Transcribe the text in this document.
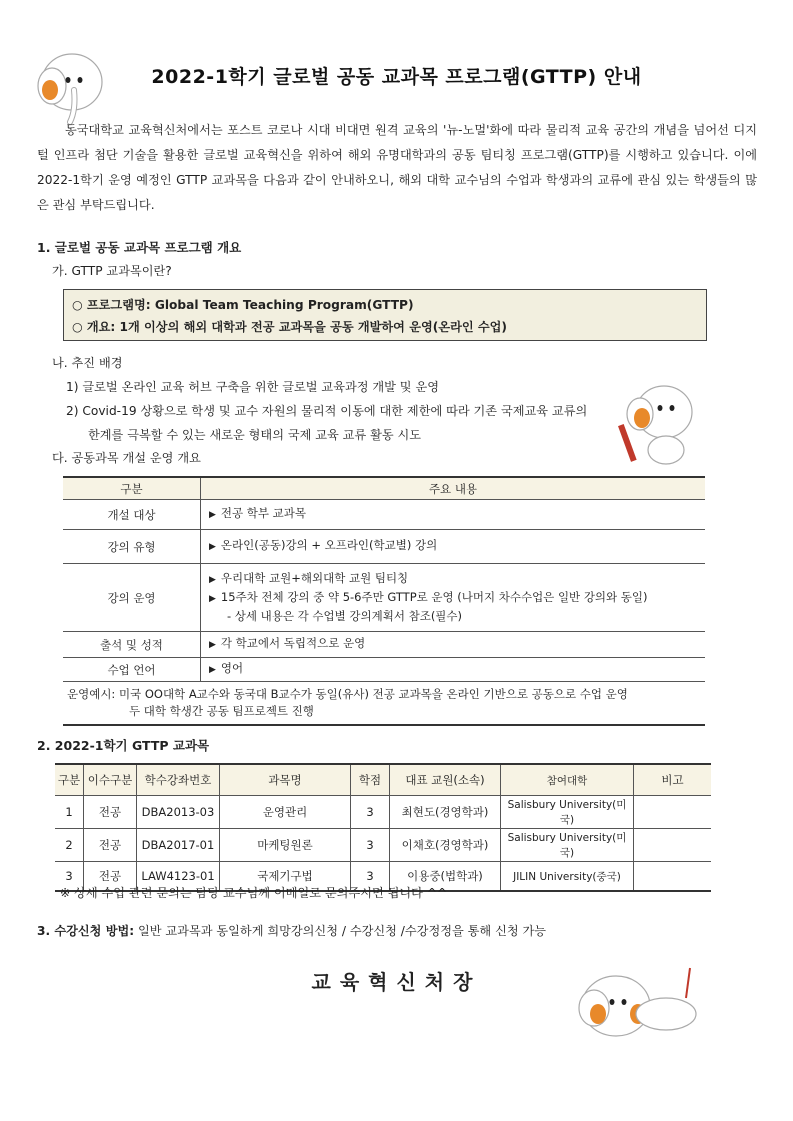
2022-1학기 글로벌 공동 교과목 프로그램(GTTP) 안내
동국대학교 교육혁신처에서는 포스트 코로나 시대 비대면 원격 교육의 '뉴-노멀'화에 따라 물리적 교육 공간의 개념을 넘어선 디지털 인프라 첨단 기술을 활용한 글로벌 교육혁신을 위하여 해외 유명대학과의 공동 팀티칭 프로그램(GTTP)를 시행하고 있습니다. 이에 2022-1학기 운영 예정인 GTTP 교과목을 다음과 같이 안내하오니, 해외 대학 교수님의 수업과 학생과의 교류에 관심 있는 학생들의 많은 관심 부탁드립니다.
1. 글로벌 공동 교과목 프로그램 개요
가. GTTP 교과목이란?
○ 프로그램명: Global Team Teaching Program(GTTP)
○ 개요: 1개 이상의 해외 대학과 전공 교과목을 공동 개발하여 운영(온라인 수업)
나. 추진 배경
1) 글로벌 온라인 교육 허브 구축을 위한 글로벌 교육과정 개발 및 운영
2) Covid-19 상황으로 학생 및 교수 자원의 물리적 이동에 대한 제한에 따라 기존 국제교육 교류의
한계를 극복할 수 있는 새로운 형태의 국제 교육 교류 활동 시도
다. 공동과목 개설 운영 개요
구분	주요 내용
개설 대상	▶ 전공 학부 교과목
강의 유형	▶ 온라인(공동)강의 + 오프라인(학교별) 강의
강의 운영	▶ 우리대학 교원+해외대학 교원 팀티칭
▶ 15주차 전체 강의 중 약 5-6주만 GTTP로 운영 (나머지 차수수업은 일반 강의와 동일)
- 상세 내용은 각 수업별 강의계획서 참조(필수)

출석 및 성적	▶ 각 학교에서 독립적으로 운영
수업 언어	▶ 영어

운영예시: 미국 OO대학 A교수와 동국대 B교수가 동일(유사) 전공 교과목을 온라인 기반으로 공동으로 수업 운영
두 대학 학생간 공동 팀프로젝트 진행	
2. 2022-1학기 GTTP 교과목
구분	이수구분	학수강좌번호	과목명	학점	대표 교원(소속)	참여대학	비고
1	전공	DBA2013-03	운영관리	3	최현도(경영학과)	Salisbury University(미국)	
2	전공	DBA2017-01	마케팅원론	3	이채호(경영학과)	Salisbury University(미국)	
3	전공	LAW4123-01	국제기구법	3	이용중(법학과)	JILIN University(중국)	
※ 상세 수업 관련 문의는 담당 교수님께 이메일로 문의주시면 됩니다 ^^
3. 수강신청 방법: 일반 교과목과 동일하게 희망강의신청 / 수강신청 /수강정정을 통해 신청 가능
교육혁신처장
